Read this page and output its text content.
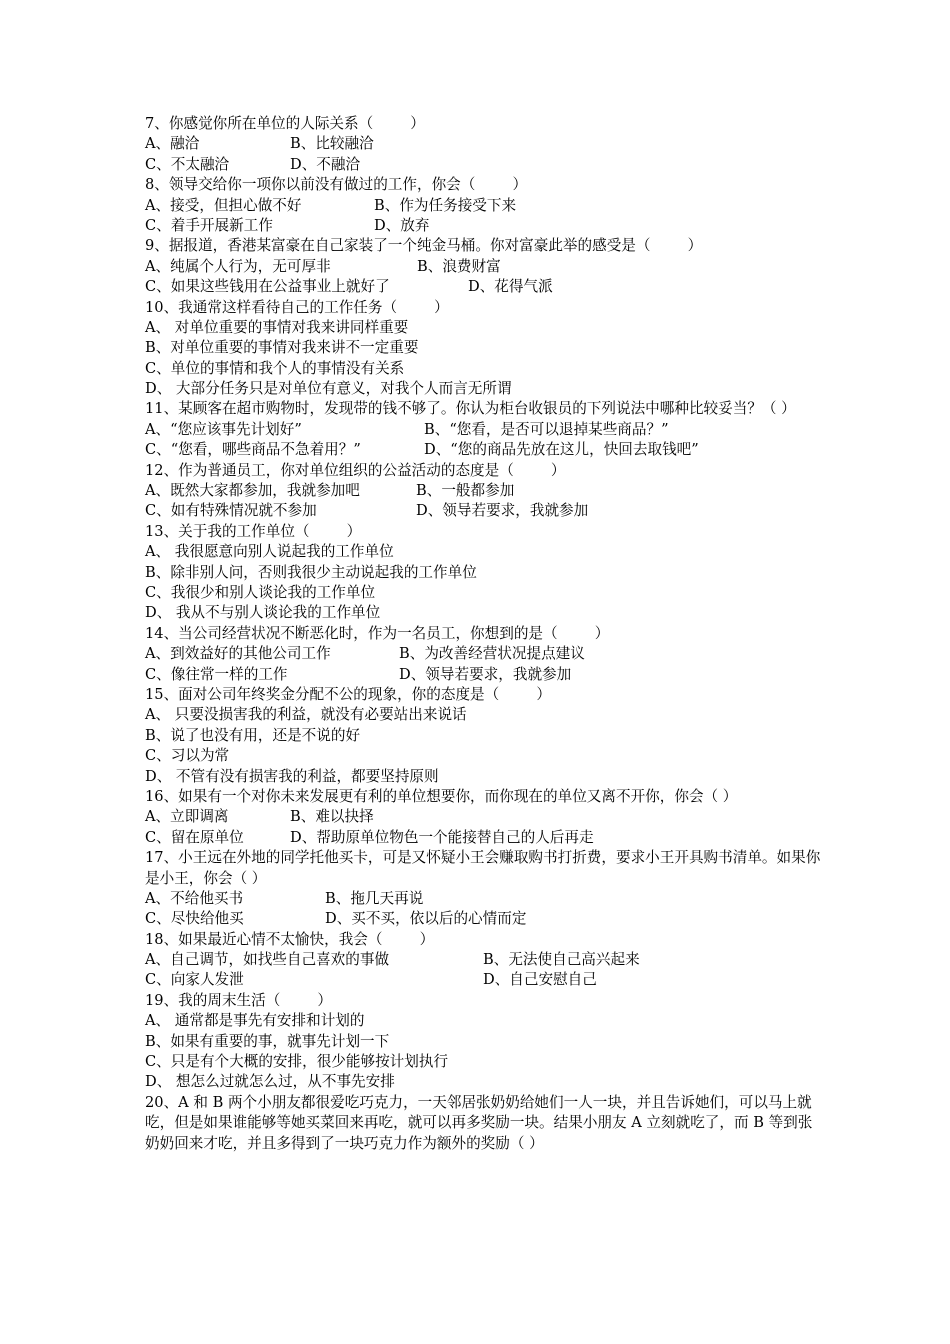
7、你感觉你所在单位的人际关系（        ）
A、融洽	B、比较融洽
C、不太融洽	D、不融洽
8、领导交给你一项你以前没有做过的工作，你会（        ）
A、接受，但担心做不好	B、作为任务接受下来
C、着手开展新工作	D、放弃
9、据报道，香港某富豪在自己家装了一个纯金马桶。你对富豪此举的感受是（        ）
A、纯属个人行为，无可厚非	B、浪费财富
C、如果这些钱用在公益事业上就好了	D、花得气派
10、我通常这样看待自己的工作任务（        ）
A、 对单位重要的事情对我来讲同样重要
B、对单位重要的事情对我来讲不一定重要
C、单位的事情和我个人的事情没有关系
D、 大部分任务只是对单位有意义，对我个人而言无所谓
11、某顾客在超市购物时，发现带的钱不够了。你认为柜台收银员的下列说法中哪种比较妥当？（ ）
A、“您应该事先计划好”	B、“您看，是否可以退掉某些商品？”
C、“您看，哪些商品不急着用？”	D、“您的商品先放在这儿，快回去取钱吧”
12、作为普通员工，你对单位组织的公益活动的态度是（        ）
A、既然大家都参加，我就参加吧	B、一般都参加
C、如有特殊情况就不参加	D、领导若要求，我就参加
13、关于我的工作单位（        ）
A、 我很愿意向别人说起我的工作单位
B、除非别人问，否则我很少主动说起我的工作单位
C、我很少和别人谈论我的工作单位
D、 我从不与别人谈论我的工作单位
14、当公司经营状况不断恶化时，作为一名员工，你想到的是（        ）
A、到效益好的其他公司工作	B、为改善经营状况提点建议
C、像往常一样的工作	D、领导若要求，我就参加
15、面对公司年终奖金分配不公的现象，你的态度是（        ）
A、 只要没损害我的利益，就没有必要站出来说话
B、说了也没有用，还是不说的好
C、习以为常
D、 不管有没有损害我的利益，都要坚持原则
16、如果有一个对你未来发展更有利的单位想要你，而你现在的单位又离不开你，你会（ ）
A、立即调离	B、难以抉择
C、留在原单位	D、帮助原单位物色一个能接替自己的人后再走
17、小王远在外地的同学托他买卡，可是又怀疑小王会赚取购书打折费，要求小王开具购书清单。如果你是小王，你会（ ）
A、不给他买书	B、拖几天再说
C、尽快给他买	D、买不买，依以后的心情而定
18、如果最近心情不太愉快，我会（        ）
A、自己调节，如找些自己喜欢的事做	B、无法使自己高兴起来
C、向家人发泄	D、自己安慰自己
19、我的周末生活（        ）
A、 通常都是事先有安排和计划的
B、如果有重要的事，就事先计划一下
C、只是有个大概的安排，很少能够按计划执行
D、 想怎么过就怎么过，从不事先安排
20、A 和 B 两个小朋友都很爱吃巧克力，一天邻居张奶奶给她们一人一块，并且告诉她们，可以马上就吃，但是如果谁能够等她买菜回来再吃，就可以再多奖励一块。结果小朋友 A 立刻就吃了，而 B 等到张奶奶回来才吃，并且多得到了一块巧克力作为额外的奖励（ ）
